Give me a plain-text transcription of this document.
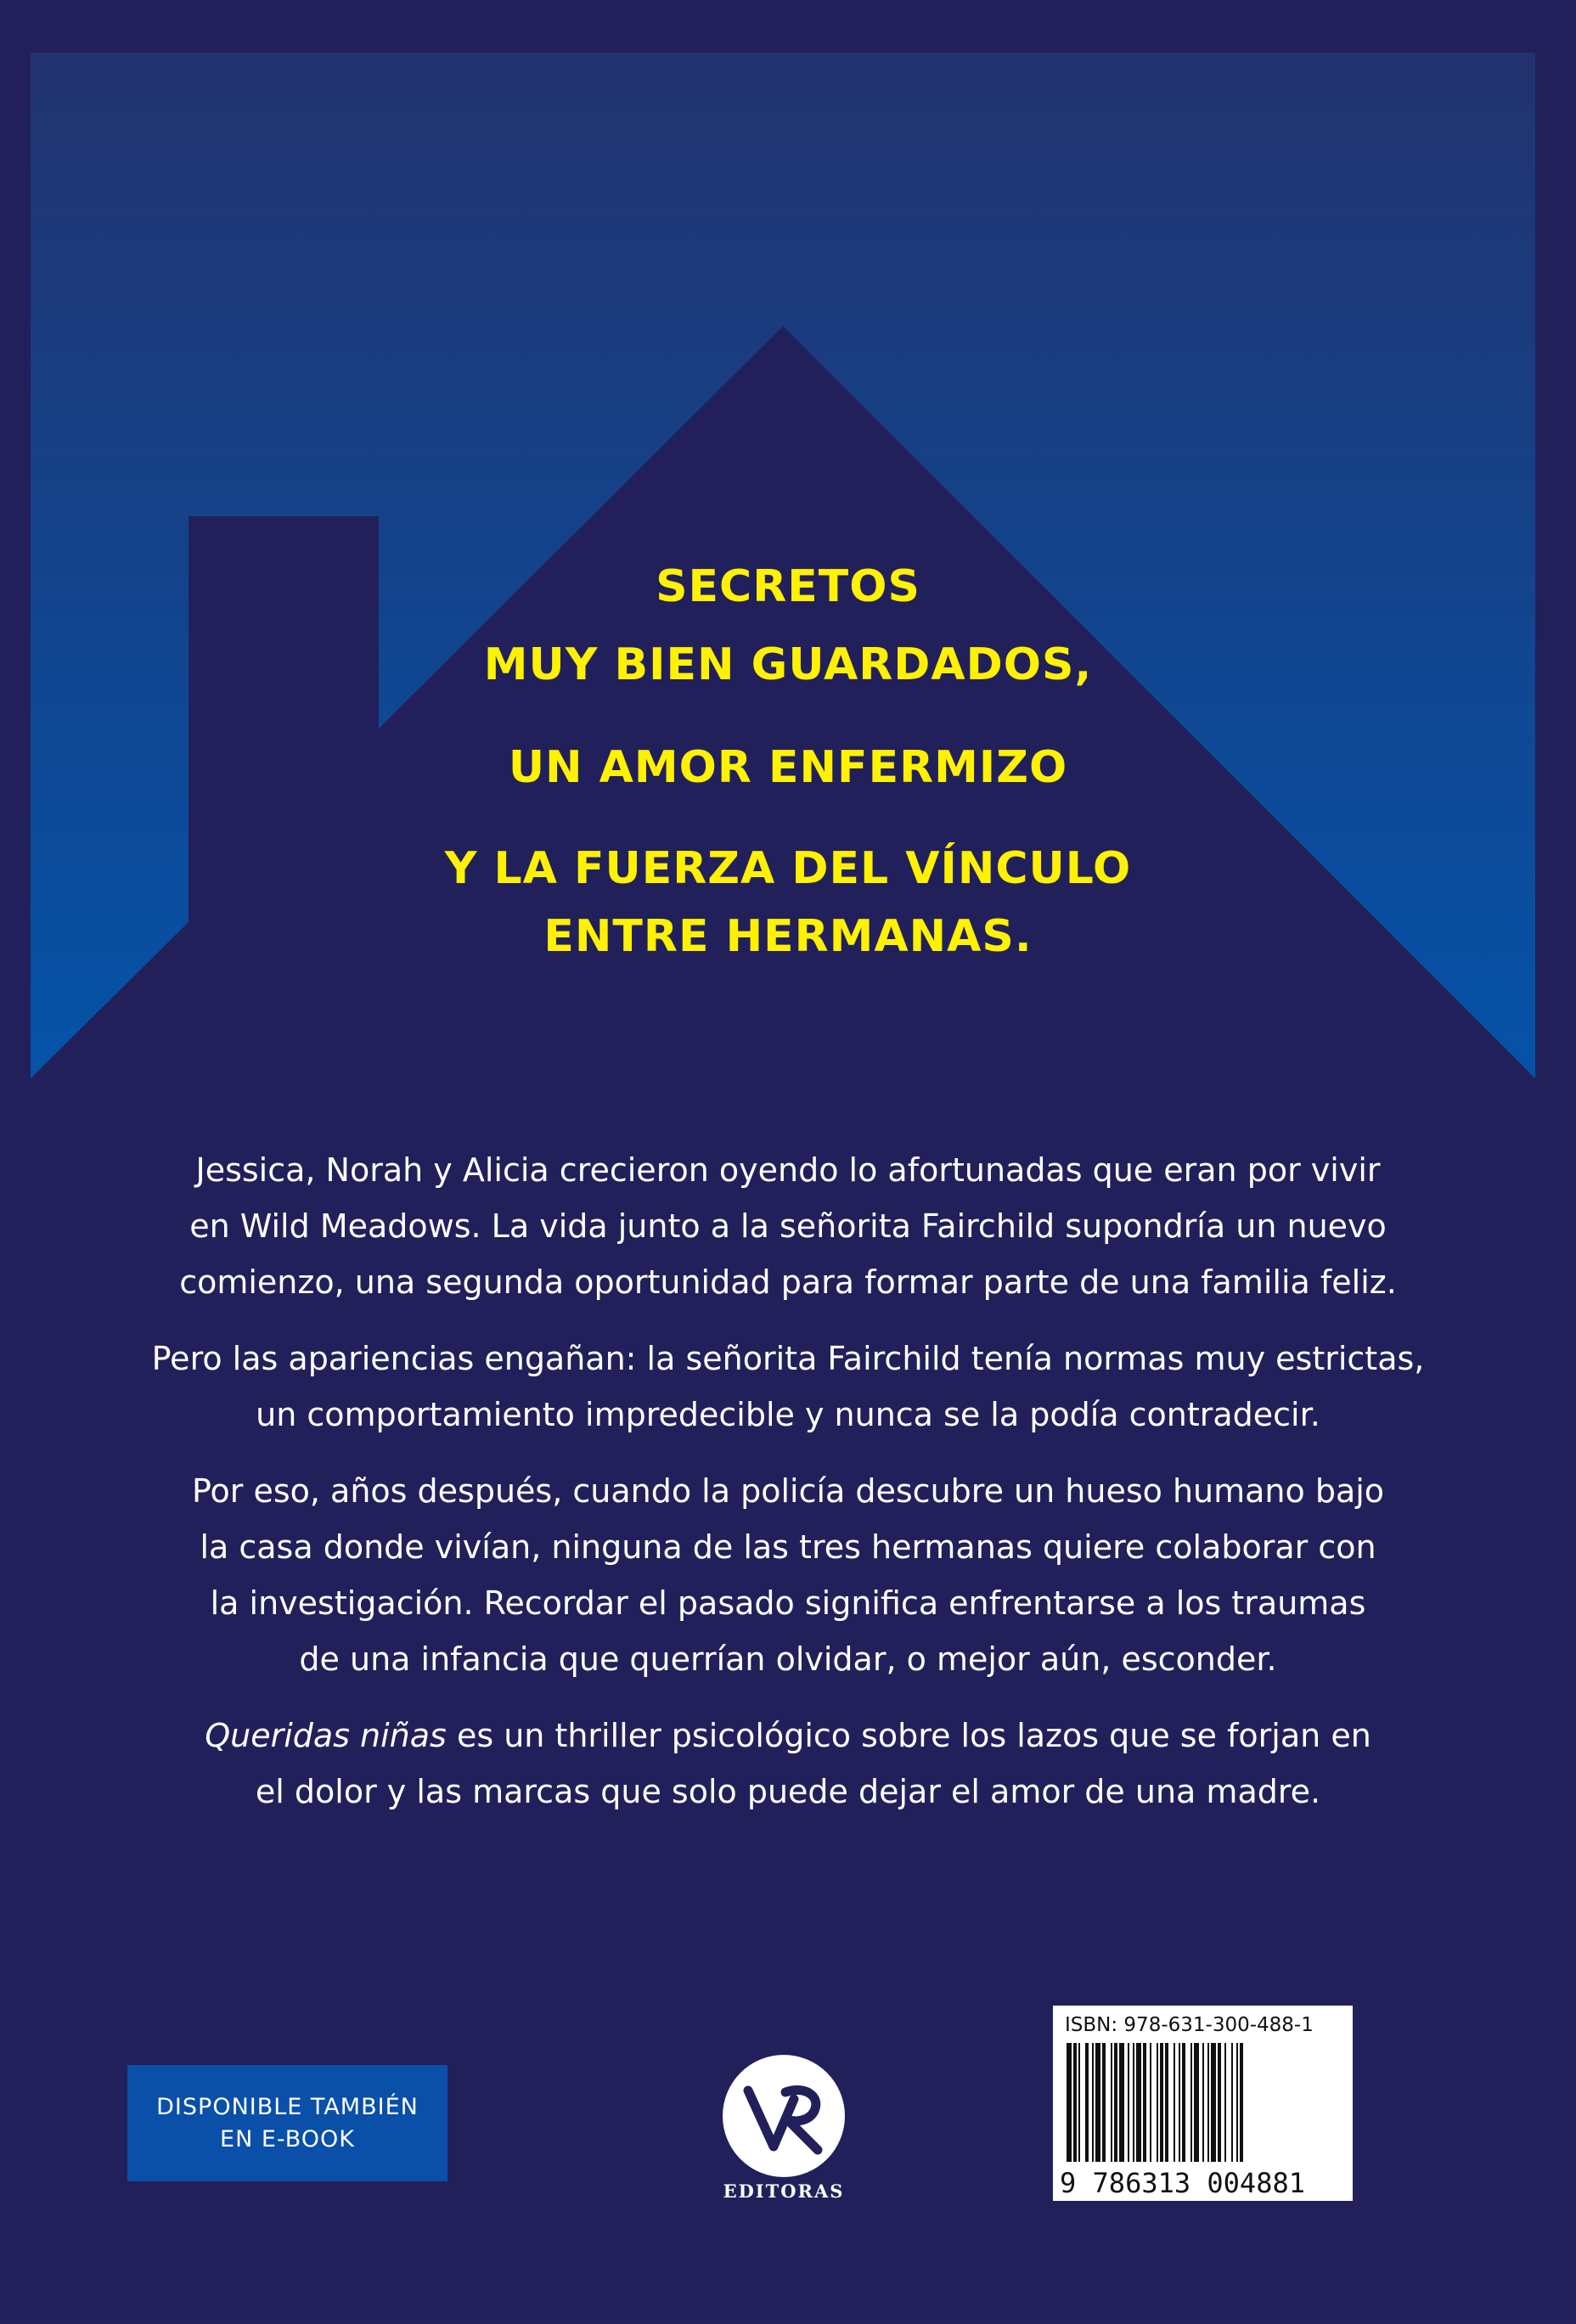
SECRETOS
MUY BIEN GUARDADOS,
UN AMOR ENFERMIZO
Y LA FUERZA DEL VÍNCULO
ENTRE HERMANAS.

Jessica, Norah y Alicia crecieron oyendo lo afortunadas que eran por vivir
en Wild Meadows. La vida junto a la señorita Fairchild supondría un nuevo
comienzo, una segunda oportunidad para formar parte de una familia feliz.

Pero las apariencias engañan: la señorita Fairchild tenía normas muy estrictas,
un comportamiento impredecible y nunca se la podía contradecir.

Por eso, años después, cuando la policía descubre un hueso humano bajo
la casa donde vivían, ninguna de las tres hermanas quiere colaborar con
la investigación. Recordar el pasado significa enfrentarse a los traumas
de una infancia que querrían olvidar, o mejor aún, esconder.

Queridas niñas es un thriller psicológico sobre los lazos que se forjan en
el dolor y las marcas que solo puede dejar el amor de una madre.

DISPONIBLE TAMBIÉN
EN E-BOOK
EDITORAS
ISBN: 978-631-300-488-1
9 786313 004881
